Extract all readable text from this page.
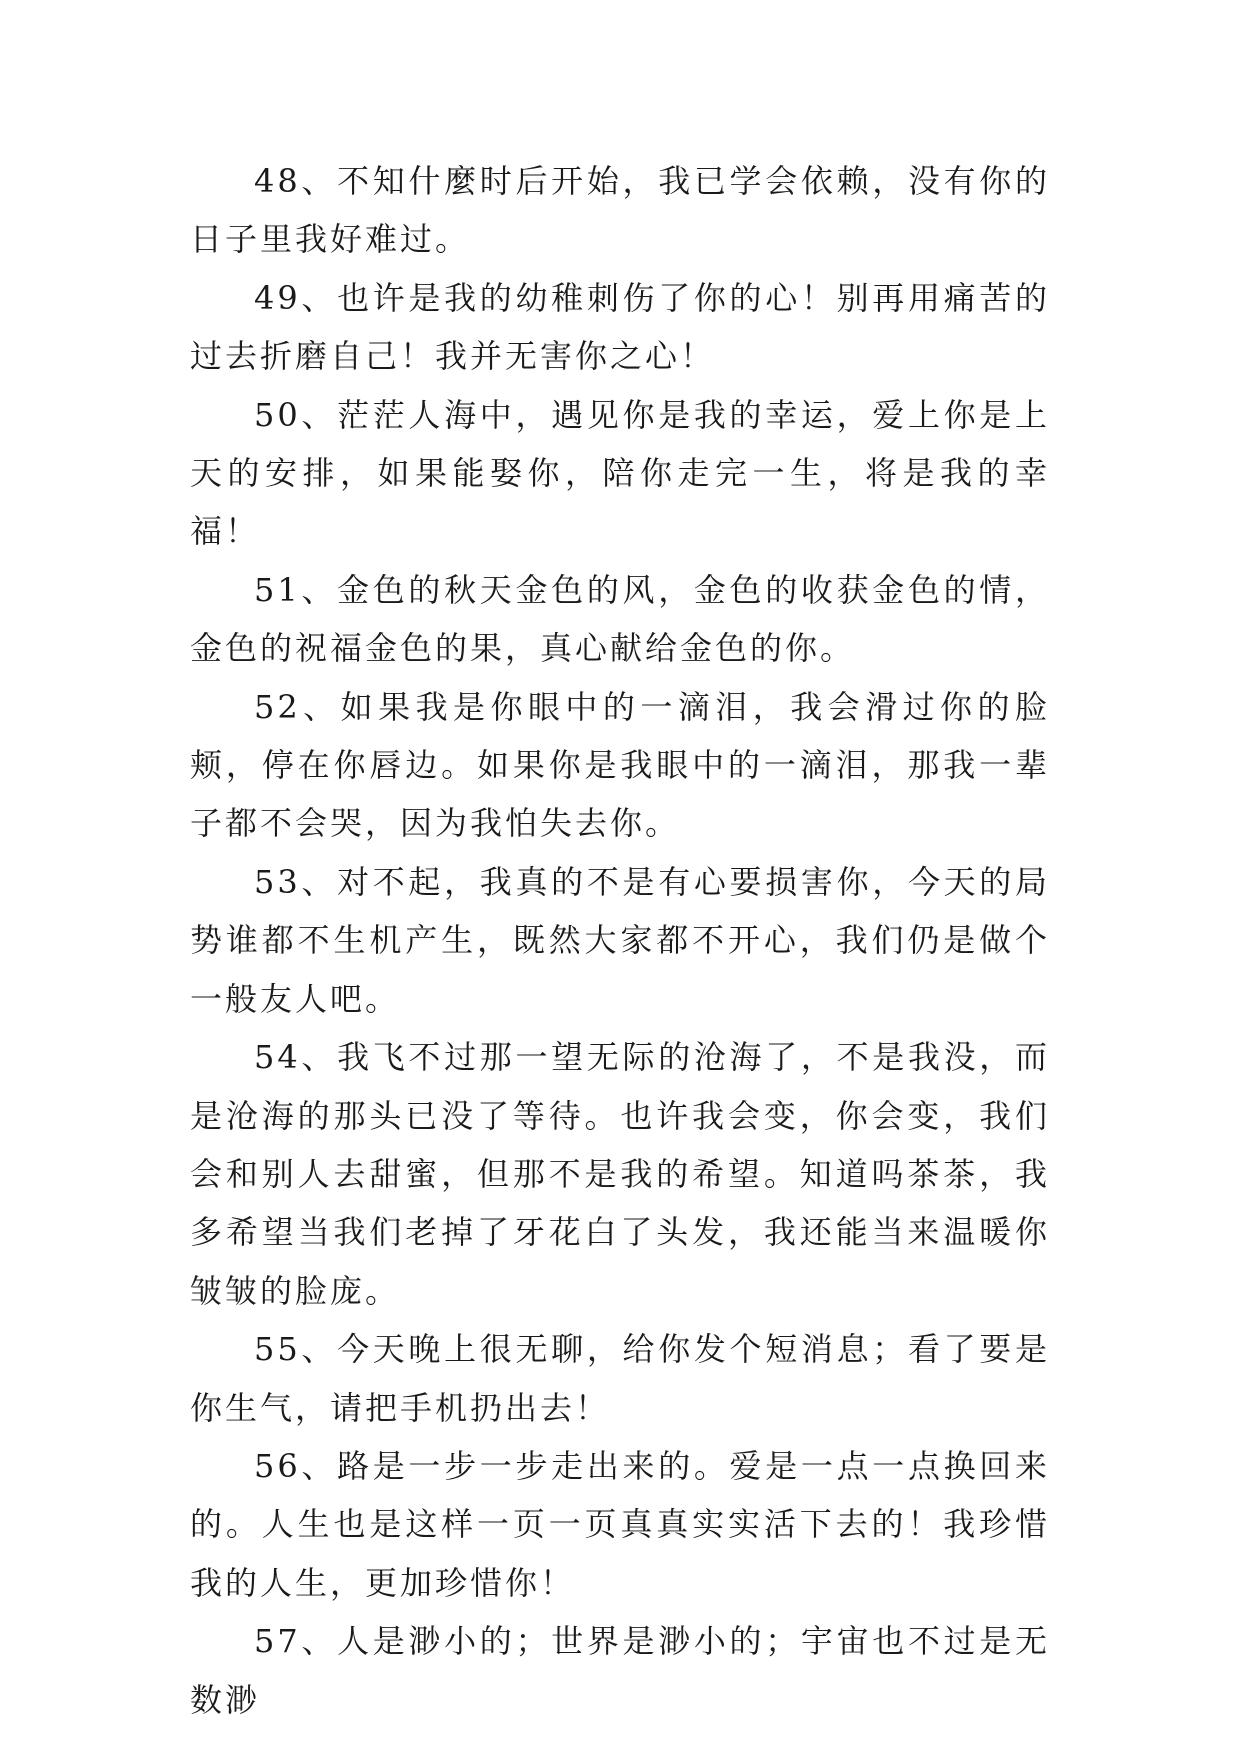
48、不知什麼时后开始，我已学会依赖，没有你的日子里我好难过。

49、也许是我的幼稚刺伤了你的心！别再用痛苦的过去折磨自己！我并无害你之心！

50、茫茫人海中，遇见你是我的幸运，爱上你是上天的安排，如果能娶你，陪你走完一生，将是我的幸福！

51、金色的秋天金色的风，金色的收获金色的情，金色的祝福金色的果，真心献给金色的你。

52、如果我是你眼中的一滴泪，我会滑过你的脸颊，停在你唇边。如果你是我眼中的一滴泪，那我一辈子都不会哭，因为我怕失去你。

53、对不起，我真的不是有心要损害你，今天的局势谁都不生机产生，既然大家都不开心，我们仍是做个一般友人吧。

54、我飞不过那一望无际的沧海了，不是我没，而是沧海的那头已没了等待。也许我会变，你会变，我们会和别人去甜蜜，但那不是我的希望。知道吗茶茶，我多希望当我们老掉了牙花白了头发，我还能当来温暖你皱皱的脸庞。

55、今天晚上很无聊，给你发个短消息；看了要是你生气，请把手机扔出去！

56、路是一步一步走出来的。爱是一点一点换回来的。人生也是这样一页一页真真实实活下去的！我珍惜我的人生，更加珍惜你！

57、人是渺小的；世界是渺小的；宇宙也不过是无数渺
